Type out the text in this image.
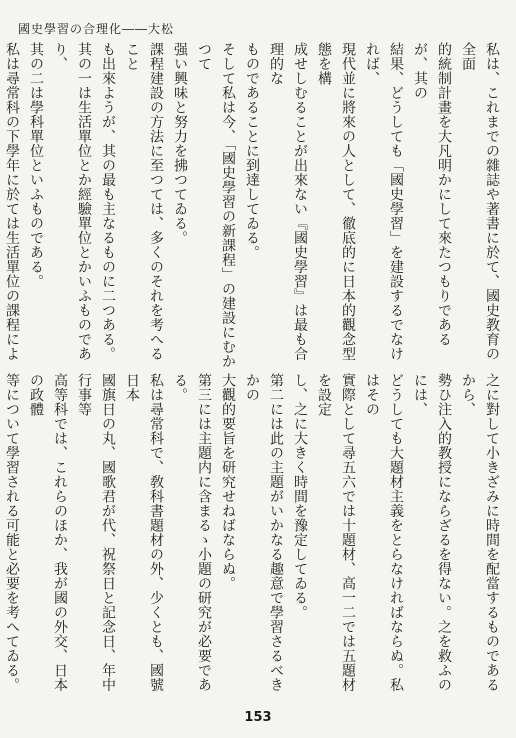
國史學習の合理化――大松
私は、これまでの雜誌や著書に於て、國史教育の全面
的統制計畫を大凡明かにして來たつもりであるが、其の
結果、どうしても「國史學習」を建設するでなければ、
現代並に將來の人として、徹底的に日本的觀念型態を構
成せしむることが出來ない『國史學習』は最も合理的な
ものであることに到達してゐる。
そして私は今、「國史學習の新課程」の建設にむかつて
强い興味と努力を拂つてゐる。
課程建設の方法に至つては、多くのそれを考へること
も出來ようが、其の最も主なるものに二つある。
其の一は生活單位とか經驗單位とかいふものであり、
其の二は學科單位といふものである。
私は尋常科の下學年に於ては生活單位の課程によ

之に對して小きざみに時間を配當するものであるから、
勢ひ注入的教授にならざるを得ない。之を救ふのには、
どうしても大題材主義をとらなければならぬ。私はその
實際として尋五六では十題材、高一二では五題材を設定
し、之に大きく時間を豫定してゐる。
第二には此の主題がいかなる趣意で學習さるべきかの
大觀的要旨を研究せねばならぬ。
第三には主題内に含まるゝ小題の研究が必要である。
私は尋常科で、敎科書題材の外、少くとも、國號日本
國旗日の丸、國歌君が代、祝祭日と記念日、年中行事等
高等科では、これらのほか、我が國の外交、日本の政體
等について學習される可能と必要を考へてゐる。

153
